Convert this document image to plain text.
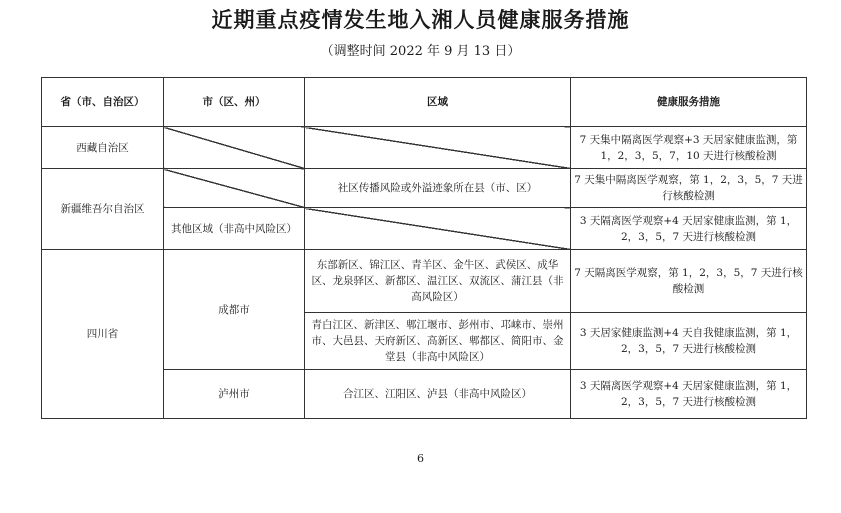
近期重点疫情发生地入湘人员健康服务措施
（调整时间 2022 年 9 月 13 日）
省（市、自治区）	市（区、州）	区域	健康服务措施
西藏自治区			7 天集中隔离医学观察+3 天居家健康监测，第 1，2，3，5，7，10 天进行核酸检测
新疆维吾尔自治区		社区传播风险或外溢迹象所在县（市、区）	7 天集中隔离医学观察，第 1，2，3，5，7 天进行核酸检测
	其他区域（非高中风险区）		3 天隔离医学观察+4 天居家健康监测，第 1，2，3，5，7 天进行核酸检测
四川省	成都市	东部新区、锦江区、青羊区、金牛区、武侯区、成华区、龙泉驿区、新都区、温江区、双流区、蒲江县（非高风险区）	7 天隔离医学观察，第 1，2，3，5，7 天进行核酸检测
		青白江区、新津区、郫江堰市、彭州市、邛崃市、崇州市、大邑县、天府新区、高新区、郫都区、简阳市、金堂县（非高中风险区）	3 天居家健康监测+4 天自我健康监测，第 1，2，3，5，7 天进行核酸检测
	泸州市	合江区、江阳区、泸县（非高中风险区）	3 天隔离医学观察+4 天居家健康监测，第 1，2，3，5，7 天进行核酸检测
6
